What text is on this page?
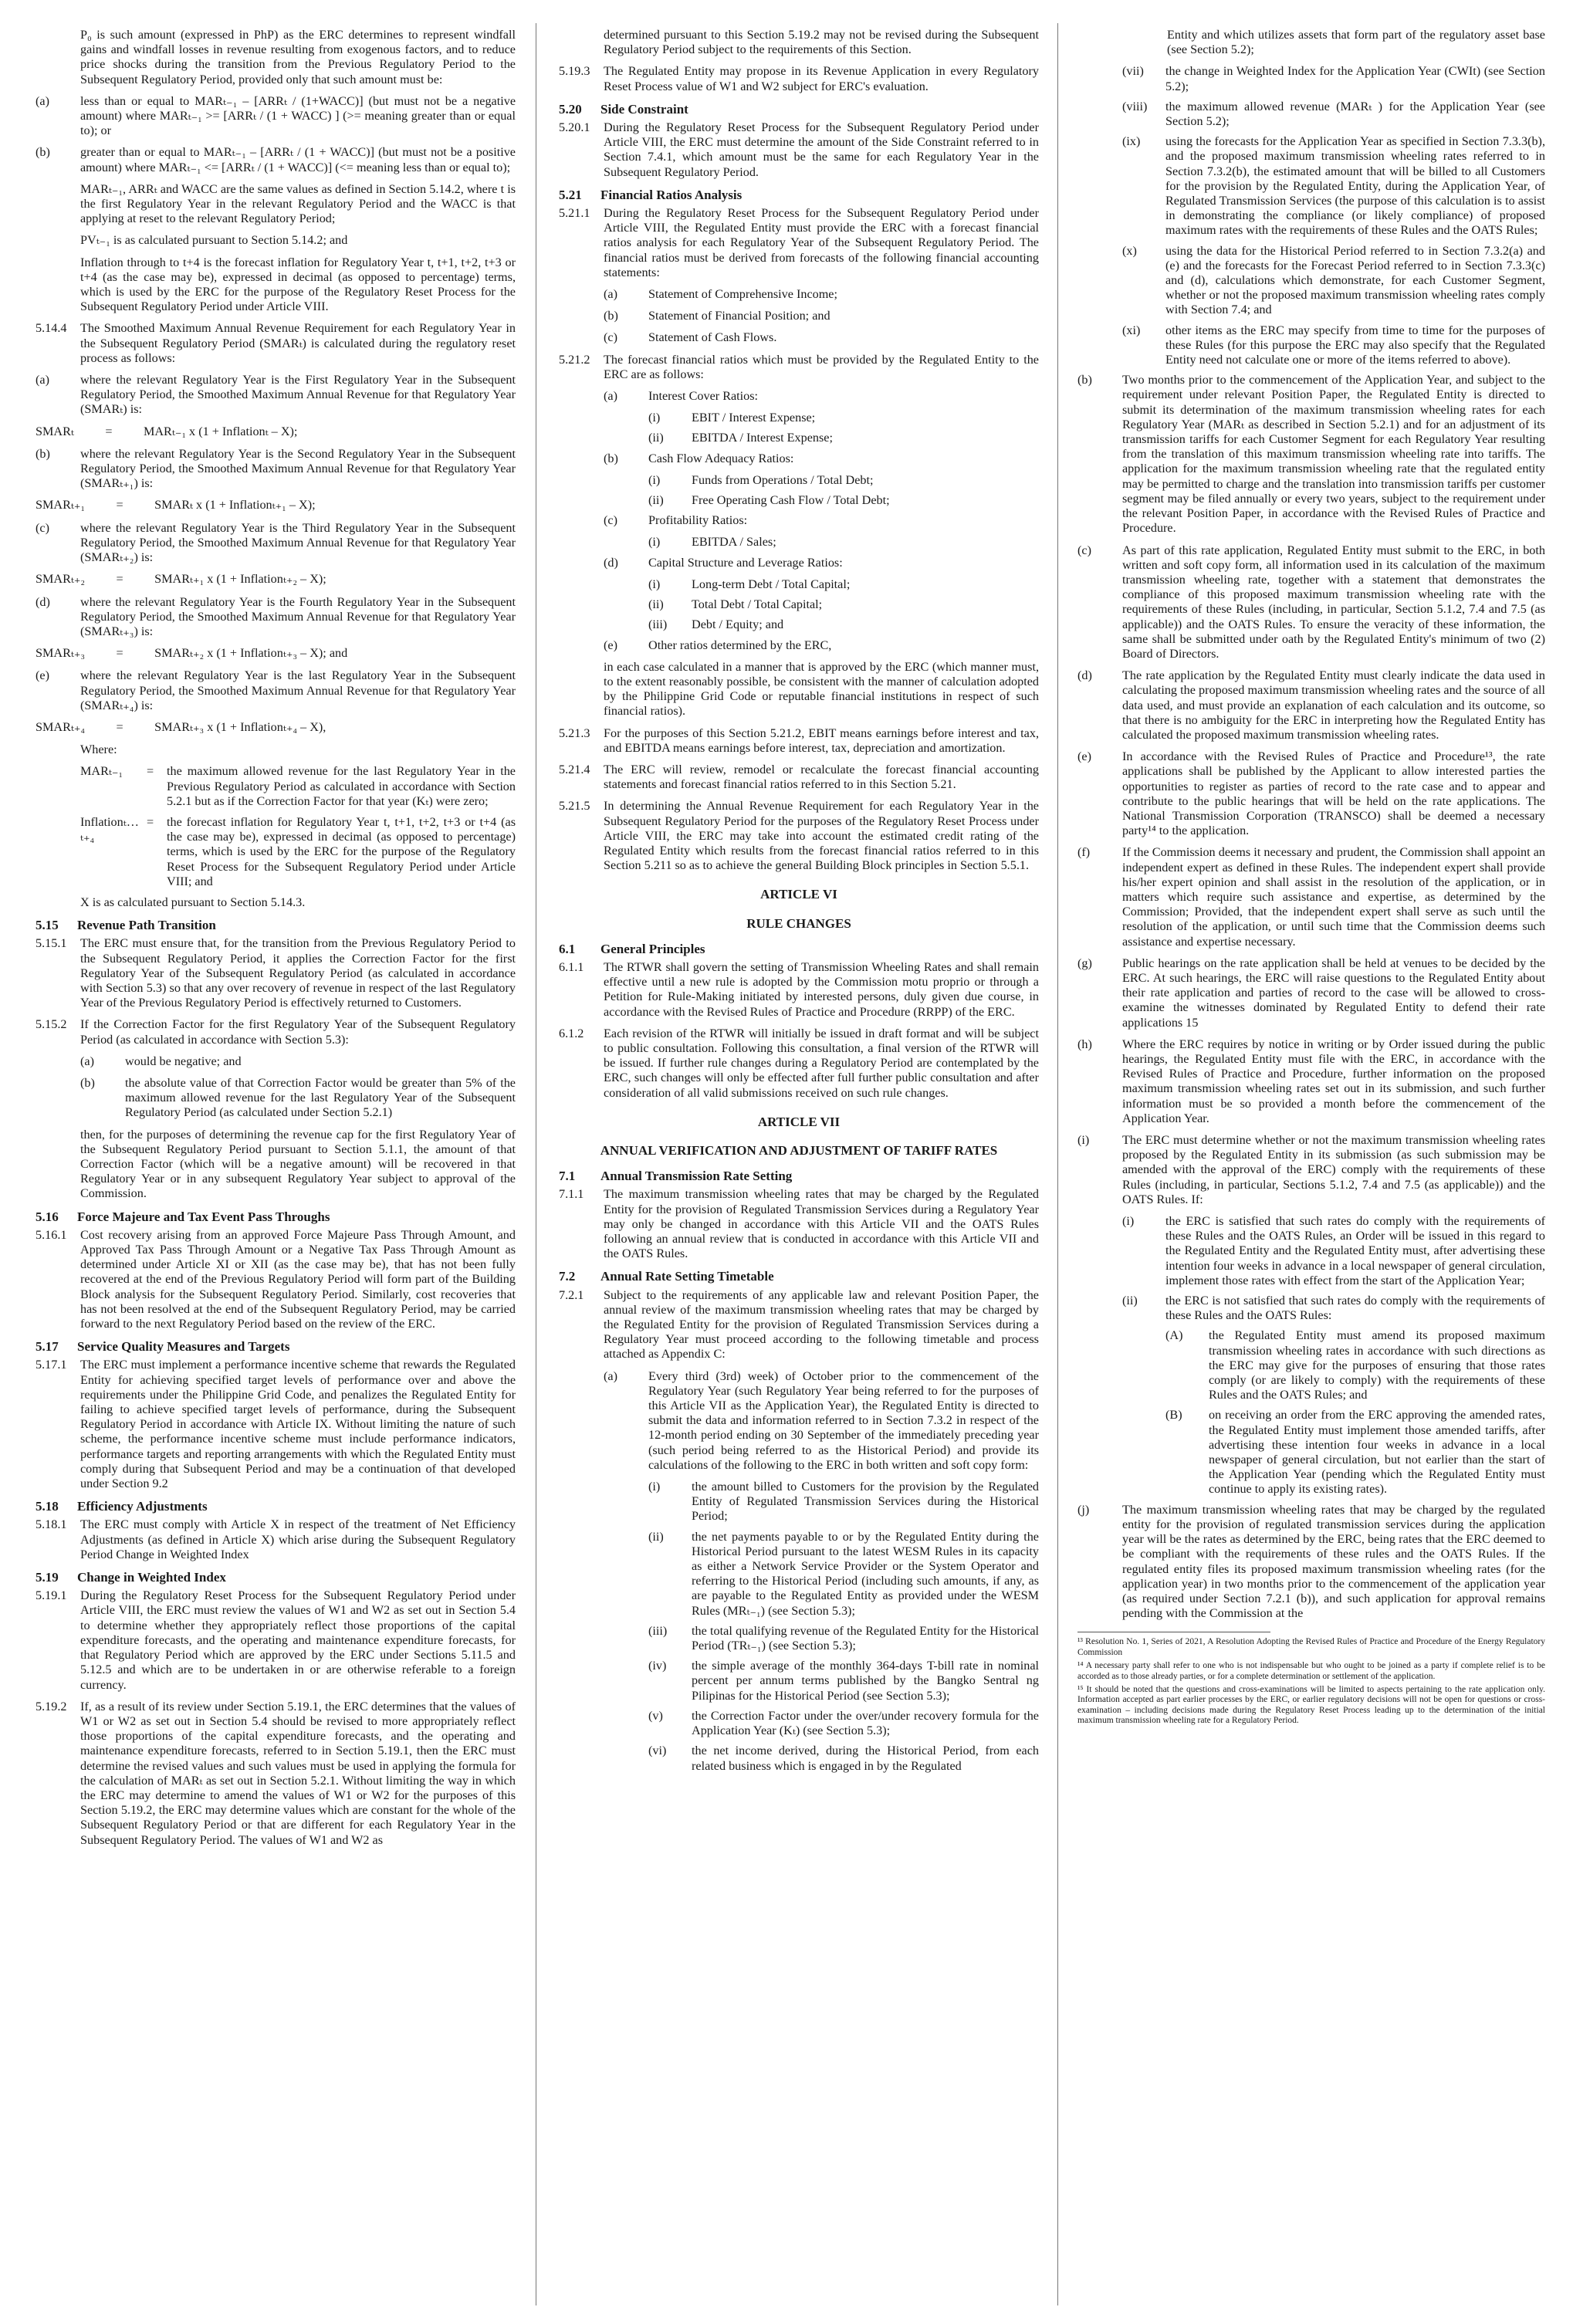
P₀ is such amount (expressed in PhP) as the ERC determines to represent windfall gains and windfall losses in revenue resulting from exogenous factors, and to reduce price shocks during the transition from the Previous Regulatory Period to the Subsequent Regulatory Period, provided only that such amount must be:
(a) less than or equal to MARₜ₋₁ – [ARRₜ / (1+WACC)] (but must not be a negative amount) where MARₜ₋₁ >= [ARRₜ / (1 + WACC) ] (>= meaning greater than or equal to); or
(b) greater than or equal to MARₜ₋₁ – [ARRₜ / (1 + WACC)] (but must not be a positive amount) where MARₜ₋₁ <= [ARRₜ / (1 + WACC)] (<= meaning less than or equal to);
MARₜ₋₁, ARRₜ and WACC are the same values as defined in Section 5.14.2, where t is the first Regulatory Year in the relevant Regulatory Period and the WACC is that applying at reset to the relevant Regulatory Period;
PVₜ₋₁ is as calculated pursuant to Section 5.14.2; and
Inflation through to t+4 is the forecast inflation for Regulatory Year t, t+1, t+2, t+3 or t+4 (as the case may be), expressed in decimal (as opposed to percentage) terms, which is used by the ERC for the purpose of the Regulatory Reset Process for the Subsequent Regulatory Period under Article VIII.
5.14.4 The Smoothed Maximum Annual Revenue Requirement for each Regulatory Year in the Subsequent Regulatory Period (SMARₜ) is calculated during the regulatory reset process as follows:
(a) where the relevant Regulatory Year is the First Regulatory Year in the Subsequent Regulatory Period, the Smoothed Maximum Annual Revenue for that Regulatory Year (SMARₜ) is:
SMARₜ          =          MARₜ₋₁ x (1 + Inflationₜ – X);
(b) where the relevant Regulatory Year is the Second Regulatory Year in the Subsequent Regulatory Period, the Smoothed Maximum Annual Revenue for that Regulatory Year (SMARₜ₊₁) is:
SMARₜ₊₁          =          SMARₜ x (1 + Inflationₜ₊₁ – X);
(c) where the relevant Regulatory Year is the Third Regulatory Year in the Subsequent Regulatory Period, the Smoothed Maximum Annual Revenue for that Regulatory Year (SMARₜ₊₂) is:
SMARₜ₊₂          =          SMARₜ₊₁ x (1 + Inflationₜ₊₂ – X);
(d) where the relevant Regulatory Year is the Fourth Regulatory Year in the Subsequent Regulatory Period, the Smoothed Maximum Annual Revenue for that Regulatory Year (SMARₜ₊₃) is:
SMARₜ₊₃          =          SMARₜ₊₂ x (1 + Inflationₜ₊₃ – X); and
(e) where the relevant Regulatory Year is the last Regulatory Year in the Subsequent Regulatory Period, the Smoothed Maximum Annual Revenue for that Regulatory Year (SMARₜ₊₄) is:
SMARₜ₊₄          =          SMARₜ₊₃ x (1 + Inflationₜ₊₄ – X),
Where:
MARₜ₋₁	=	the maximum allowed revenue for the last Regulatory Year in the Previous Regulatory Period as calculated in accordance with Section 5.2.1 but as if the Correction Factor for that year (Kₜ) were zero;
Inflationₜ…ₜ₊₄
=	the forecast inflation for Regulatory Year t, t+1, t+2, t+3 or t+4 (as the case may be), expressed in decimal (as opposed to percentage) terms, which is used by the ERC for the purpose of the Regulatory Reset Process for the Subsequent Regulatory Period under Article VIII; and
X is as calculated pursuant to Section 5.14.3.
5.15 Revenue Path Transition
5.15.1 The ERC must ensure that, for the transition from the Previous Regulatory Period to the Subsequent Regulatory Period, it applies the Correction Factor for the first Regulatory Year of the Subsequent Regulatory Period (as calculated in accordance with Section 5.3) so that any over recovery of revenue in respect of the last Regulatory Year of the Previous Regulatory Period is effectively returned to Customers.
5.15.2 If the Correction Factor for the first Regulatory Year of the Subsequent Regulatory Period (as calculated in accordance with Section 5.3):
(a) would be negative; and
(b) the absolute value of that Correction Factor would be greater than 5% of the maximum allowed revenue for the last Regulatory Year of the Subsequent Regulatory Period (as calculated under Section 5.2.1)
then, for the purposes of determining the revenue cap for the first Regulatory Year of the Subsequent Regulatory Period pursuant to Section 5.1.1, the amount of that Correction Factor (which will be a negative amount) will be recovered in that Regulatory Year or in any subsequent Regulatory Year subject to approval of the Commission.
5.16 Force Majeure and Tax Event Pass Throughs
5.16.1 Cost recovery arising from an approved Force Majeure Pass Through Amount, and Approved Tax Pass Through Amount or a Negative Tax Pass Through Amount as determined under Article XI or XII (as the case may be), that has not been fully recovered at the end of the Previous Regulatory Period will form part of the Building Block analysis for the Subsequent Regulatory Period. Similarly, cost recoveries that has not been resolved at the end of the Subsequent Regulatory Period, may be carried forward to the next Regulatory Period based on the review of the ERC.
5.17 Service Quality Measures and Targets
5.17.1 The ERC must implement a performance incentive scheme that rewards the Regulated Entity for achieving specified target levels of performance over and above the requirements under the Philippine Grid Code, and penalizes the Regulated Entity for failing to achieve specified target levels of performance, during the Subsequent Regulatory Period in accordance with Article IX. Without limiting the nature of such scheme, the performance incentive scheme must include performance indicators, performance targets and reporting arrangements with which the Regulated Entity must comply during that Subsequent Period and may be a continuation of that developed under Section 9.2
5.18 Efficiency Adjustments
5.18.1 The ERC must comply with Article X in respect of the treatment of Net Efficiency Adjustments (as defined in Article X) which arise during the Subsequent Regulatory Period Change in Weighted Index
5.19 Change in Weighted Index
5.19.1 During the Regulatory Reset Process for the Subsequent Regulatory Period under Article VIII, the ERC must review the values of W1 and W2 as set out in Section 5.4 to determine whether they appropriately reflect those proportions of the capital expenditure forecasts, and the operating and maintenance expenditure forecasts, for that Regulatory Period which are approved by the ERC under Sections 5.11.5 and 5.12.5 and which are to be undertaken in or are otherwise referable to a foreign currency.
5.19.2 If, as a result of its review under Section 5.19.1, the ERC determines that the values of W1 or W2 as set out in Section 5.4 should be revised to more appropriately reflect those proportions of the capital expenditure forecasts, and the operating and maintenance expenditure forecasts, referred to in Section 5.19.1, then the ERC must determine the revised values and such values must be used in applying the formula for the calculation of MARₜ as set out in Section 5.2.1. Without limiting the way in which the ERC may determine to amend the values of W1 or W2 for the purposes of this Section 5.19.2, the ERC may determine values which are constant for the whole of the Subsequent Regulatory Period or that are different for each Regulatory Year in the Subsequent Regulatory Period. The values of W1 and W2 as
determined pursuant to this Section 5.19.2 may not be revised during the Subsequent Regulatory Period subject to the requirements of this Section.
5.19.3 The Regulated Entity may propose in its Revenue Application in every Regulatory Reset Process value of W1 and W2 subject for ERC's evaluation.
5.20 Side Constraint
5.20.1 During the Regulatory Reset Process for the Subsequent Regulatory Period under Article VIII, the ERC must determine the amount of the Side Constraint referred to in Section 7.4.1, which amount must be the same for each Regulatory Year in the Subsequent Regulatory Period.
5.21 Financial Ratios Analysis
5.21.1 During the Regulatory Reset Process for the Subsequent Regulatory Period under Article VIII, the Regulated Entity must provide the ERC with a forecast financial ratios analysis for each Regulatory Year of the Subsequent Regulatory Period. The financial ratios must be derived from forecasts of the following financial accounting statements:
(a) Statement of Comprehensive Income;
(b) Statement of Financial Position; and
(c) Statement of Cash Flows.
5.21.2 The forecast financial ratios which must be provided by the Regulated Entity to the ERC are as follows:
(a) Interest Cover Ratios:
(i)	EBIT / Interest Expense;
(ii) EBITDA / Interest Expense;
(b) Cash Flow Adequacy Ratios:
(i)	Funds from Operations / Total Debt;
(ii) Free Operating Cash Flow / Total Debt;
(c) Profitability Ratios:
(i)	EBITDA / Sales;
(d) Capital Structure and Leverage Ratios:
(i)	Long-term Debt / Total Capital;
(ii) Total Debt / Total Capital;
(iii) Debt / Equity; and
(e) Other ratios determined by the ERC,
in each case calculated in a manner that is approved by the ERC (which manner must, to the extent reasonably possible, be consistent with the manner of calculation adopted by the Philippine Grid Code or reputable financial institutions in respect of such financial ratios).
5.21.3 For the purposes of this Section 5.21.2, EBIT means earnings before interest and tax, and EBITDA means earnings before interest, tax, depreciation and amortization.
5.21.4 The ERC will review, remodel or recalculate the forecast financial accounting statements and forecast financial ratios referred to in this Section 5.21.
5.21.5 In determining the Annual Revenue Requirement for each Regulatory Year in the Subsequent Regulatory Period for the purposes of the Regulatory Reset Process under Article VIII, the ERC may take into account the estimated credit rating of the Regulated Entity which results from the forecast financial ratios referred to in this Section 5.211 so as to achieve the general Building Block principles in Section 5.5.1.
ARTICLE VI
RULE CHANGES
6.1 General Principles
6.1.1 The RTWR shall govern the setting of Transmission Wheeling Rates and shall remain effective until a new rule is adopted by the Commission motu proprio or through a Petition for Rule-Making initiated by interested persons, duly given due course, in accordance with the Revised Rules of Practice and Procedure (RRPP) of the ERC.
6.1.2 Each revision of the RTWR will initially be issued in draft format and will be subject to public consultation. Following this consultation, a final version of the RTWR will be issued. If further rule changes during a Regulatory Period are contemplated by the ERC, such changes will only be effected after full further public consultation and after consideration of all valid submissions received on such rule changes.
ARTICLE VII
ANNUAL VERIFICATION AND ADJUSTMENT OF TARIFF RATES
7.1 Annual Transmission Rate Setting
7.1.1 The maximum transmission wheeling rates that may be charged by the Regulated Entity for the provision of Regulated Transmission Services during a Regulatory Year may only be changed in accordance with this Article VII and the OATS Rules following an annual review that is conducted in accordance with this Article VII and the OATS Rules.
7.2 Annual Rate Setting Timetable
7.2.1 Subject to the requirements of any applicable law and relevant Position Paper, the annual review of the maximum transmission wheeling rates that may be charged by the Regulated Entity for the provision of Regulated Transmission Services during a Regulatory Year must proceed according to the following timetable and process attached as Appendix C:
(a) Every third (3rd) week) of October prior to the commencement of the Regulatory Year (such Regulatory Year being referred to for the purposes of this Article VII as the Application Year), the Regulated Entity is directed to submit the data and information referred to in Section 7.3.2 in respect of the 12-month period ending on 30 September of the immediately preceding year (such period being referred to as the Historical Period) and provide its calculations of the following to the ERC in both written and soft copy form:
(i)	the amount billed to Customers for the provision by the Regulated Entity of Regulated Transmission Services during the Historical Period;
(ii) the net payments payable to or by the Regulated Entity during the Historical Period pursuant to the latest WESM Rules in its capacity as either a Network Service Provider or the System Operator and referring to the Historical Period (including such amounts, if any, as are payable to the Regulated Entity as provided under the WESM Rules (MRₜ₋₁) (see Section 5.3);
(iii) the total qualifying revenue of the Regulated Entity for the Historical Period (TRₜ₋₁) (see Section 5.3);
(iv) the simple average of the monthly 364-days T-bill rate in nominal percent per annum terms published by the Bangko Sentral ng Pilipinas for the Historical Period (see Section 5.3);
(v) the Correction Factor under the over/under recovery formula for the Application Year (Kₜ) (see Section 5.3);
(vi) the net income derived, during the Historical Period, from each related business which is engaged in by the Regulated
Entity and which utilizes assets that form part of the regulatory asset base (see Section 5.2);
(vii) the change in Weighted Index for the Application Year (CWIt) (see Section 5.2);
(viii) the maximum allowed revenue (MARₜ ) for the Application Year (see Section 5.2);
(ix) using the forecasts for the Application Year as specified in Section 7.3.3(b), and the proposed maximum transmission wheeling rates referred to in Section 7.3.2(b), the estimated amount that will be billed to all Customers for the provision by the Regulated Entity, during the Application Year, of Regulated Transmission Services (the purpose of this calculation is to assist in demonstrating the compliance (or likely compliance) of proposed maximum rates with the requirements of these Rules and the OATS Rules;
(x) using the data for the Historical Period referred to in Section 7.3.2(a) and (e) and the forecasts for the Forecast Period referred to in Section 7.3.3(c) and (d), calculations which demonstrate, for each Customer Segment, whether or not the proposed maximum transmission wheeling rates comply with Section 7.4; and
(xi) other items as the ERC may specify from time to time for the purposes of these Rules (for this purpose the ERC may also specify that the Regulated Entity need not calculate one or more of the items referred to above).
(b) Two months prior to the commencement of the Application Year, and subject to the requirement under relevant Position Paper, the Regulated Entity is directed to submit its determination of the maximum transmission wheeling rates for each Regulatory Year (MARₜ as described in Section 5.2.1) and for an adjustment of its transmission tariffs for each Customer Segment for each Regulatory Year resulting from the translation of this maximum transmission wheeling rate into tariffs. The application for the maximum transmission wheeling rate that the regulated entity may be permitted to charge and the translation into transmission tariffs per customer segment may be filed annually or every two years, subject to the requirement under the relevant Position Paper, in accordance with the Revised Rules of Practice and Procedure.
(c) As part of this rate application, Regulated Entity must submit to the ERC, in both written and soft copy form, all information used in its calculation of the maximum transmission wheeling rate, together with a statement that demonstrates the compliance of this proposed maximum transmission wheeling rate with the requirements of these Rules (including, in particular, Section 5.1.2, 7.4 and 7.5 (as applicable)) and the OATS Rules. To ensure the veracity of these information, the same shall be submitted under oath by the Regulated Entity's minimum of two (2) Board of Directors.
(d) The rate application by the Regulated Entity must clearly indicate the data used in calculating the proposed maximum transmission wheeling rates and the source of all data used, and must provide an explanation of each calculation and its outcome, so that there is no ambiguity for the ERC in interpreting how the Regulated Entity has calculated the proposed maximum transmission wheeling rates.
(e) In accordance with the Revised Rules of Practice and Procedure¹³, the rate applications shall be published by the Applicant to allow interested parties the opportunities to register as parties of record to the rate case and to appear and contribute to the public hearings that will be held on the rate applications. The National Transmission Corporation (TRANSCO) shall be deemed a necessary party¹⁴ to the application.
(f)	If the Commission deems it necessary and prudent, the Commission shall appoint an independent expert as defined in these Rules. The independent expert shall provide his/her expert opinion and shall assist in the resolution of the application, or in matters which require such assistance and expertise, as determined by the Commission; Provided, that the independent expert shall serve as such until the resolution of the application, or until such time that the Commission deems such assistance and expertise necessary.
(g) Public hearings on the rate application shall be held at venues to be decided by the ERC. At such hearings, the ERC will raise questions to the Regulated Entity about their rate application and parties of record to the case will be allowed to cross-examine the witnesses dominated by Regulated Entity to defend their rate applications 15
(h) Where the ERC requires by notice in writing or by Order issued during the public hearings, the Regulated Entity must file with the ERC, in accordance with the Revised Rules of Practice and Procedure, further information on the proposed maximum transmission wheeling rates set out in its submission, and such further information must be so provided a month before the commencement of the Application Year.
(i)	The ERC must determine whether or not the maximum transmission wheeling rates proposed by the Regulated Entity in its submission (as such submission may be amended with the approval of the ERC) comply with the requirements of these Rules (including, in particular, Sections 5.1.2, 7.4 and 7.5 (as applicable)) and the OATS Rules. If:
(i)	the ERC is satisfied that such rates do comply with the requirements of these Rules and the OATS Rules, an Order will be issued in this regard to the Regulated Entity and the Regulated Entity must, after advertising these intention four weeks in advance in a local newspaper of general circulation, implement those rates with effect from the start of the Application Year;
(ii) the ERC is not satisfied that such rates do comply with the requirements of these Rules and the OATS Rules:
(A) the Regulated Entity must amend its proposed maximum transmission wheeling rates in accordance with such directions as the ERC may give for the purposes of ensuring that those rates comply (or are likely to comply) with the requirements of these Rules and the OATS Rules; and
(B) on receiving an order from the ERC approving the amended rates, the Regulated Entity must implement those amended tariffs, after advertising these intention four weeks in advance in a local newspaper of general circulation, but not earlier than the start of the Application Year (pending which the Regulated Entity must continue to apply its existing rates).
(j)	The maximum transmission wheeling rates that may be charged by the regulated entity for the provision of regulated transmission services during the application year will be the rates as determined by the ERC, being rates that the ERC deemed to be compliant with the requirements of these rules and the OATS Rules. If the regulated entity files its proposed maximum transmission wheeling rates (for the application year) in two months prior to the commencement of the application year (as required under Section 7.2.1 (b)), and such application for approval remains pending with the Commission at the
¹³ Resolution No. 1, Series of 2021, A Resolution Adopting the Revised Rules of Practice and Procedure of the Energy Regulatory Commission
¹⁴ A necessary party shall refer to one who is not indispensable but who ought to be joined as a party if complete relief is to be accorded as to those already parties, or for a complete determination or settlement of the application.
¹⁵ It should be noted that the questions and cross-examinations will be limited to aspects pertaining to the rate application only. Information accepted as part earlier processes by the ERC, or earlier regulatory decisions will not be open for questions or cross-examination – including decisions made during the Regulatory Reset Process leading up to the determination of the initial maximum transmission wheeling rate for a Regulatory Period.
